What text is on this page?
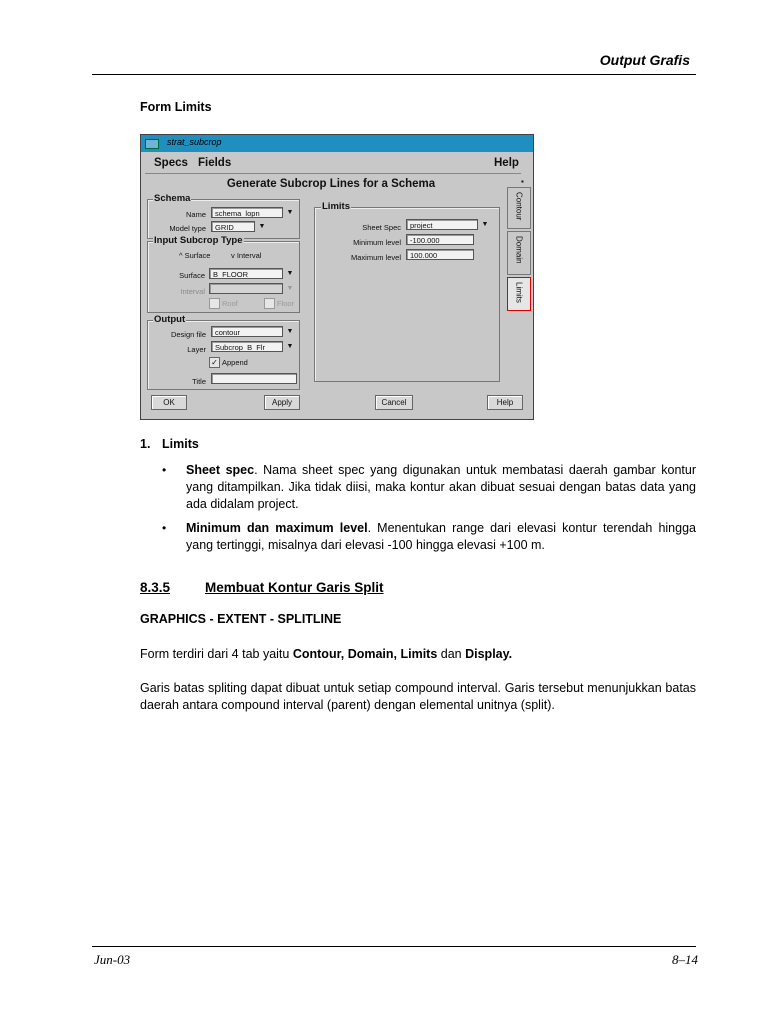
Output Grafis
Form Limits
strat_subcrop
Specs Fields	Help
Generate Subcrop Lines for a Schema	▪
Schema
Name	schema_lopn	▼
Model type	GRID	▼
Input Subcrop Type
^ Surface	v Interval
Surface	B_FLOOR	▼
Interval	▼
Roof	Floor
Output
Design file	contour	▼
Layer	Subcrop_B_Flr	▼
✓ Append
Title
Limits
Sheet Spec	project	▼
Minimum level	-100.000
Maximum level	100.000
Contour
Domain
Limits
OK	Apply	Cancel	Help
1. Limits
• Sheet spec. Nama sheet spec yang digunakan untuk membatasi daerah gambar kontur yang ditampilkan. Jika tidak diisi, maka kontur akan dibuat sesuai dengan batas data yang ada didalam project.
• Minimum dan maximum level. Menentukan range dari elevasi kontur terendah hingga yang tertinggi, misalnya dari elevasi -100 hingga elevasi +100 m.
8.3.5	Membuat Kontur Garis Split
GRAPHICS - EXTENT - SPLITLINE
Form terdiri dari 4 tab yaitu Contour, Domain, Limits dan Display.
Garis batas spliting dapat dibuat untuk setiap compound interval. Garis tersebut menunjukkan batas daerah antara compound interval (parent) dengan elemental unitnya (split).
Jun-03	8–14
